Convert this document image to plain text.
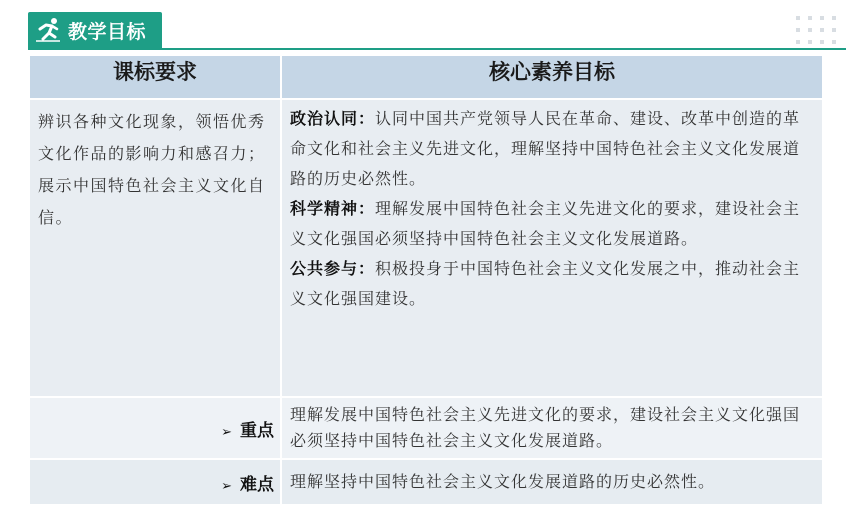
教学目标
课标要求	核心素养目标

辨识各种文化现象，领悟优秀文化作品的影响力和感召力；展示中国特色社会主义文化自信。	政治认同：认同中国共产党领导人民在革命、建设、改革中创造的革命文化和社会主义先进文化，理解坚持中国特色社会主义文化发展道路的历史必然性。

科学精神：理解发展中国特色社会主义先进文化的要求，建设社会主义文化强国必须坚持中国特色社会主义文化发展道路。

公共参与：积极投身于中国特色社会主义文化发展之中，推动社会主义文化强国建设。

➢ 重点	理解发展中国特色社会主义先进文化的要求，建设社会主义文化强国必须坚持中国特色社会主义文化发展道路。

➢ 难点	理解坚持中国特色社会主义文化发展道路的历史必然性。
